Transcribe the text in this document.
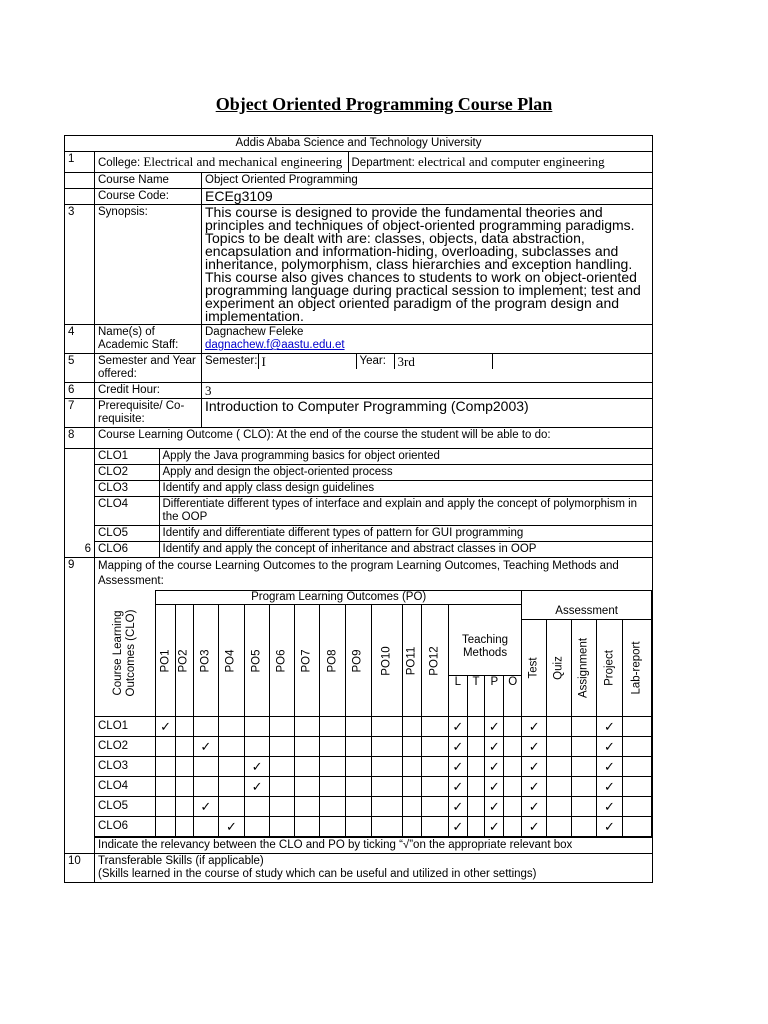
Object Oriented Programming Course Plan
Addis Ababa Science and Technology University
1	College: Electrical and mechanical engineering	Department: electrical and computer engineering

	Course Name	Object Oriented Programming
	Course Code:	ECEg3109
3	Synopsis:	This course is designed to provide the fundamental theories and principles and techniques of object-oriented programming paradigms. Topics to be dealt with are: classes, objects, data abstraction, encapsulation and information-hiding, overloading, subclasses and inheritance, polymorphism, class hierarchies and exception handling. This course also gives chances to students to work on object-oriented programming language during practical session to implement; test and experiment an object oriented paradigm of the program design and implementation.
4	Name(s) of Academic Staff:	
Dagnachew Feleke
dagnachew.f@aastu.edu.et

5	Semester and Year offered:	
Semester:	I	Year:	3rd	

6	Credit Hour:	3
7	Prerequisite/ Co-requisite:	Introduction to Computer Programming (Comp2003)
8	Course Learning Outcome ( CLO): At the end of the course the student will be able to do:
6	
CLO1	Apply the Java programming basics for object oriented
CLO2	Apply and design the object-oriented process
CLO3	Identify and apply class design guidelines
CLO4	Differentiate different types of interface and explain and apply the concept of polymorphism in the OOP
CLO5	Identify and differentiate different types of pattern for GUI programming
CLO6	Identify and apply the concept of inheritance and abstract classes in OOP

9	Mapping of the course Learning Outcomes to the program Learning Outcomes, Teaching Methods and Assessment:
Course Learning Outcomes (CLO)
	Program Learning Outcomes (PO)	

PO1	PO2	PO3	PO4	PO5	PO6	PO7	PO8	PO9	PO10	PO11	PO12
		Assessment
Teaching Methods	
Test	Quiz	Assignment	Project	Lab-report

L	T	P	O
CLO1	✓												✓		✓		✓			✓	
CLO2			✓										✓		✓		✓			✓	
CLO3					✓								✓		✓		✓			✓	
CLO4					✓								✓		✓		✓			✓	
CLO5			✓										✓		✓		✓			✓	
CLO6				✓									✓		✓		✓			✓	
Indicate the relevancy between the CLO and PO by ticking “√”on the appropriate relevant box

10	Transferable Skills (if applicable)
(Skills learned in the course of study which can be useful and utilized in other settings)
